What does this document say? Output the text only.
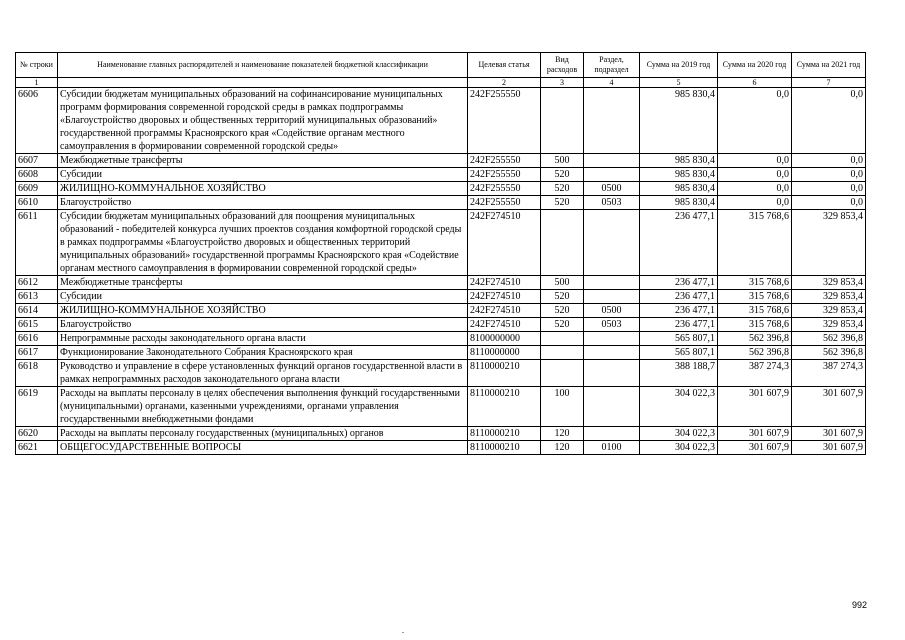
№ строки	Наименование главных распорядителей и наименование показателей бюджетной классификации	Целевая статья	Вид расходов	Раздел, подраздел	Сумма на 2019 год	Сумма на 2020 год	Сумма на 2021 год
1		2	3	4	5	6	7
6606	Субсидии бюджетам муниципальных образований на софинансирование муниципальных программ формирования современной городской среды в рамках подпрограммы «Благоустройство дворовых и общественных территорий муниципальных образований» государственной программы Красноярского края «Содействие органам местного самоуправления в формировании современной городской среды»	242F255550			985 830,4	0,0	0,0
6607	Межбюджетные трансферты	242F255550	500		985 830,4	0,0	0,0
6608	Субсидии	242F255550	520		985 830,4	0,0	0,0
6609	ЖИЛИЩНО-КОММУНАЛЬНОЕ ХОЗЯЙСТВО	242F255550	520	0500	985 830,4	0,0	0,0
6610	Благоустройство	242F255550	520	0503	985 830,4	0,0	0,0
6611	Субсидии бюджетам муниципальных образований для поощрения муниципальных образований - победителей конкурса лучших проектов создания комфортной городской среды в рамках подпрограммы «Благоустройство дворовых и общественных территорий муниципальных образований» государственной программы Красноярского края «Содействие органам местного самоуправления в формировании современной городской среды»	242F274510			236 477,1	315 768,6	329 853,4
6612	Межбюджетные трансферты	242F274510	500		236 477,1	315 768,6	329 853,4
6613	Субсидии	242F274510	520		236 477,1	315 768,6	329 853,4
6614	ЖИЛИЩНО-КОММУНАЛЬНОЕ ХОЗЯЙСТВО	242F274510	520	0500	236 477,1	315 768,6	329 853,4
6615	Благоустройство	242F274510	520	0503	236 477,1	315 768,6	329 853,4
6616	Непрограммные расходы законодательного органа власти	8100000000			565 807,1	562 396,8	562 396,8
6617	Функционирование Законодательного Собрания Красноярского края	8110000000			565 807,1	562 396,8	562 396,8
6618	Руководство и управление в сфере установленных функций органов государственной власти в рамках непрограммных расходов законодательного органа власти	8110000210			388 188,7	387 274,3	387 274,3
6619	Расходы на выплаты персоналу в целях обеспечения выполнения функций государственными (муниципальными) органами, казенными учреждениями, органами управления государственными внебюджетными фондами	8110000210	100		304 022,3	301 607,9	301 607,9
6620	Расходы на выплаты персоналу государственных (муниципальных) органов	8110000210	120		304 022,3	301 607,9	301 607,9
6621	ОБЩЕГОСУДАРСТВЕННЫЕ ВОПРОСЫ	8110000210	120	0100	304 022,3	301 607,9	301 607,9
992
